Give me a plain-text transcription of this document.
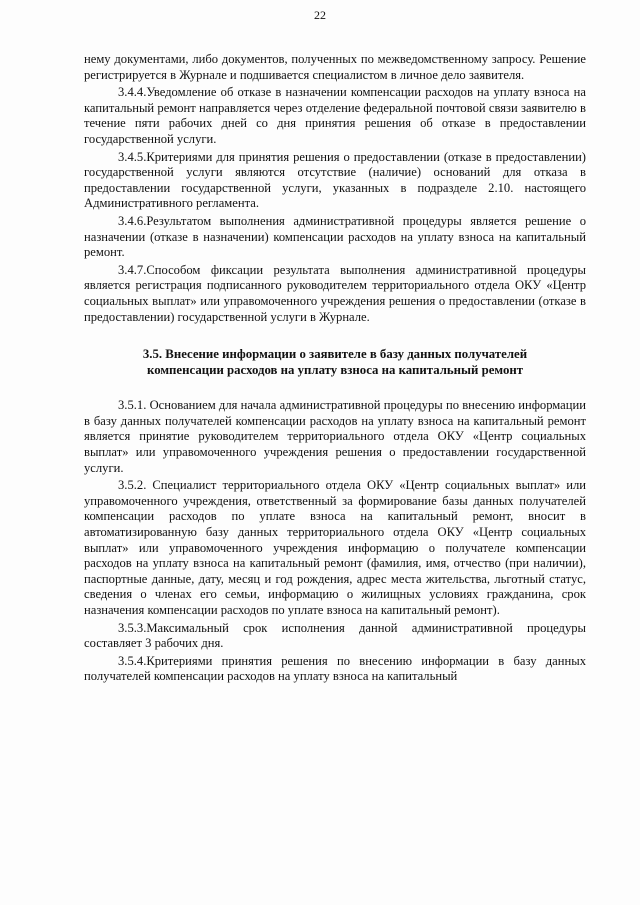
22

нему документами, либо документов, полученных по межведомственному запросу. Решение регистрируется в Журнале и подшивается специалистом в личное дело заявителя.

3.4.4.Уведомление об отказе в назначении компенсации расходов на уплату взноса на капитальный ремонт направляется через отделение федеральной почтовой связи заявителю в течение пяти рабочих дней со дня принятия решения об отказе в предоставлении государственной услуги.

3.4.5.Критериями для принятия решения о предоставлении (отказе в предоставлении) государственной услуги являются отсутствие (наличие) оснований для отказа в предоставлении государственной услуги, указанных в подразделе 2.10. настоящего Административного регламента.

3.4.6.Результатом выполнения административной процедуры является решение о назначении (отказе в назначении) компенсации расходов на уплату взноса на капитальный ремонт.

3.4.7.Способом фиксации результата выполнения административной процедуры является регистрация подписанного руководителем территориального отдела ОКУ «Центр социальных выплат» или управомоченного учреждения решения о предоставлении (отказе в предоставлении) государственной услуги в Журнале.

3.5. Внесение информации о заявителе в базу данных получателей
компенсации расходов на уплату взноса на капитальный ремонт

3.5.1. Основанием для начала административной процедуры по внесению информации в базу данных получателей компенсации расходов на уплату взноса на капитальный ремонт является принятие руководителем территориального отдела ОКУ «Центр социальных выплат» или управомоченного учреждения решения о предоставлении государственной услуги.

3.5.2. Специалист территориального отдела ОКУ «Центр социальных выплат» или управомоченного учреждения, ответственный за формирование базы данных получателей компенсации расходов по уплате взноса на капитальный ремонт, вносит в автоматизированную базу данных территориального отдела ОКУ «Центр социальных выплат» или управомоченного учреждения информацию о получателе компенсации расходов на уплату взноса на капитальный ремонт (фамилия, имя, отчество (при наличии), паспортные данные, дату, месяц и год рождения, адрес места жительства, льготный статус, сведения о членах его семьи, информацию о жилищных условиях гражданина, срок назначения компенсации расходов по уплате взноса на капитальный ремонт).

3.5.3.Максимальный срок исполнения данной административной процедуры составляет 3 рабочих дня.

3.5.4.Критериями принятия решения по внесению информации в базу данных получателей компенсации расходов на уплату взноса на капитальный
